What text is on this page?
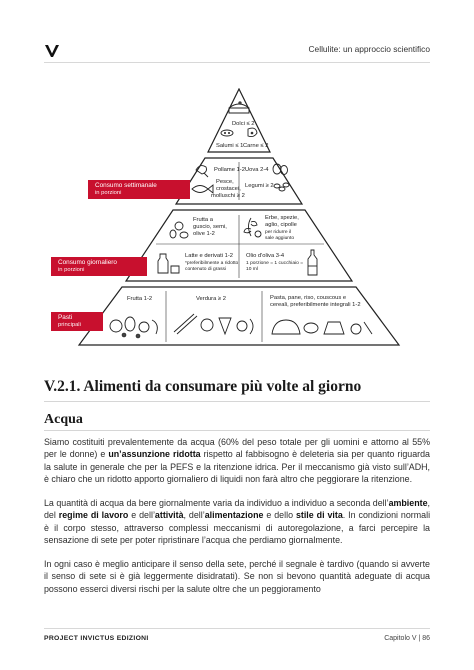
Cellulite: un approccio scientifico
Dolci ≤ 2
Salumi ≤ 1 Carne ≤ 2
Pollame 1-2 Uova 2-4
Pesce,
crostacei,
molluschi ≥ 2
Legumi ≥ 2
Frutta a
guscio, semi,
olive 1-2
Erbe, spezie,
aglio, cipolle
per ridurre il
sale aggiunto
Latte e derivati 1-2
*preferibilmente a ridotto
contenuto di grassi
Olio d'oliva 3-4
1 porzione = 1 cucchiaio =
10 ml
Frutta 1-2	Verdura ≥ 2	Pasta, pane, riso, couscous e
cereali, preferibilmente integrali 1-2
Consumo settimanale
in porzioni
Consumo giornaliero
in porzioni
Pasti
principali
V.2.1. Alimenti da consumare più volte al giorno
Acqua
Siamo costituiti prevalentemente da acqua (60% del peso totale per gli uomini e attorno al 55% per le donne) e un’assunzione ridotta rispetto al fabbisogno è deleteria sia per quanto riguarda la salute in generale che per la PEFS e la ritenzione idrica. Per il meccanismo già visto sull’ADH, è chiaro che un ridotto apporto giornaliero di liquidi non farà altro che peggiorare la ritenzione.
La quantità di acqua da bere giornalmente varia da individuo a individuo a seconda dell’ambiente, del regime di lavoro e dell’attività, dell’alimentazione e dello stile di vita. In condizioni normali è il corpo stesso, attraverso complessi meccanismi di autoregolazione, a farci percepire la sensazione di sete per poter ripristinare l’acqua che perdiamo giornalmente.
In ogni caso è meglio anticipare il senso della sete, perché il segnale è tardivo (quando si avverte il senso di sete si è già leggermente disidratati). Se non si bevono quantità adeguate di acqua possono esserci diversi rischi per la salute oltre che un peggioramento
PROJECT INVICTUS EDIZIONI	Capitolo V | 86
